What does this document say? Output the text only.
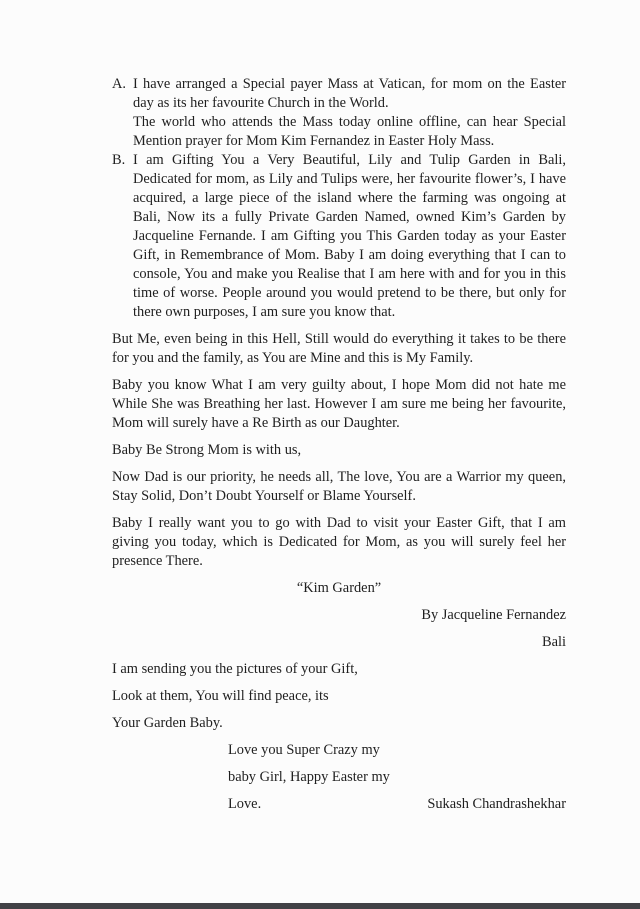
A. I have arranged a Special payer Mass at Vatican, for mom on the Easter day as its her favourite Church in the World.

The world who attends the Mass today online offline, can hear Special Mention prayer for Mom Kim Fernandez in Easter Holy Mass.

B. I am Gifting You a Very Beautiful, Lily and Tulip Garden in Bali, Dedicated for mom, as Lily and Tulips were, her favourite flower’s, I have acquired, a large piece of the island where the farming was ongoing at Bali, Now its a fully Private Garden Named, owned Kim’s Garden by Jacqueline Fernande. I am Gifting you This Garden today as your Easter Gift, in Remembrance of Mom. Baby I am doing everything that I can to console, You and make you Realise that I am here with and for you in this time of worse. People around you would pretend to be there, but only for there own purposes, I am sure you know that.

But Me, even being in this Hell, Still would do everything it takes to be there for you and the family, as You are Mine and this is My Family.

Baby you know What I am very guilty about, I hope Mom did not hate me While She was Breathing her last. However I am sure me being her favourite, Mom will surely have a Re Birth as our Daughter.

Baby Be Strong Mom is with us,

Now Dad is our priority, he needs all, The love, You are a Warrior my queen, Stay Solid, Don’t Doubt Yourself or Blame Yourself.

Baby I really want you to go with Dad to visit your Easter Gift, that I am giving you today, which is Dedicated for Mom, as you will surely feel her presence There.

“Kim Garden”

By Jacqueline Fernandez

Bali

I am sending you the pictures of your Gift,

Look at them, You will find peace, its

Your Garden Baby.

Love you Super Crazy my

baby Girl, Happy Easter my

Love.	Sukash Chandrashekhar
